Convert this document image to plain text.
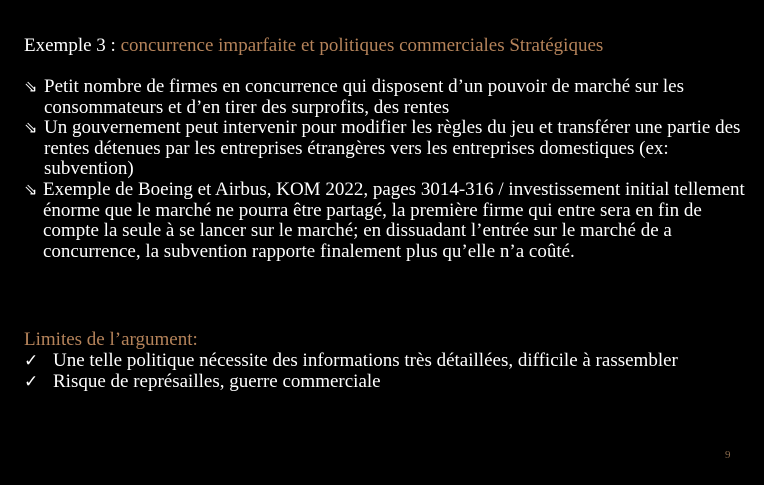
Exemple 3 : concurrence imparfaite et politiques commerciales Stratégiques
⇘ Petit nombre de firmes en concurrence qui disposent d’un pouvoir de marché sur les consommateurs et d’en tirer des surprofits, des rentes
⇘ Un gouvernement peut intervenir pour modifier les règles du jeu et transférer une partie des rentes détenues par les entreprises étrangères vers les entreprises domestiques (ex: subvention)
⇘ Exemple de Boeing et Airbus, KOM 2022, pages 3014-316 / investissement initial tellement énorme que le marché ne pourra être partagé, la première firme qui entre sera en fin de compte la seule à se lancer sur le marché; en dissuadant l’entrée sur le marché de a concurrence, la subvention rapporte finalement plus qu’elle n’a coûté.
Limites de l’argument:
✓ Une telle politique nécessite des informations très détaillées, difficile à rassembler
✓ Risque de représailles, guerre commerciale
9
